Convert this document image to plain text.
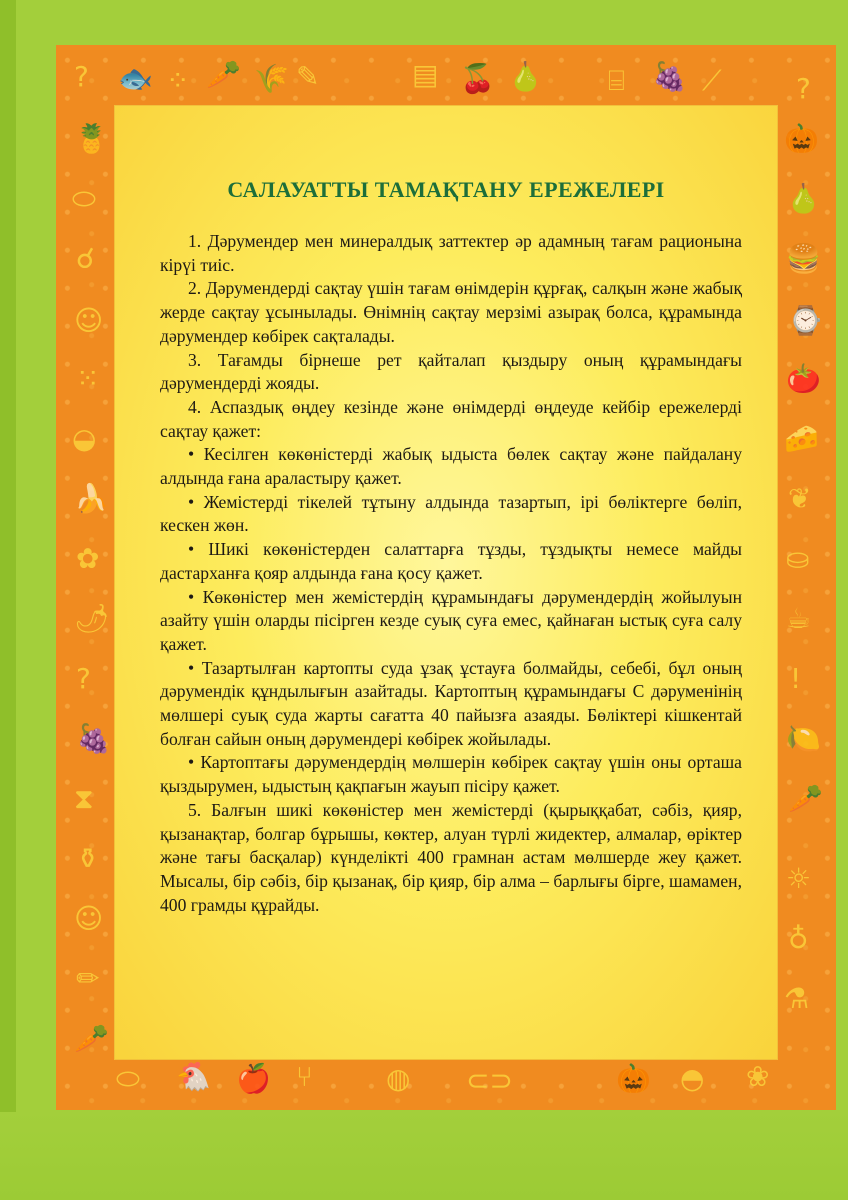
? 🐟 ⁘ 🥕 🌾 ✎	▤ 🍒 🍐 ⌸ 🍇 ⟋	?
🍍
⬭
☌
☺
⁙
◒
🍌
✿
🌶
?
🍇
⧗
⚱
☺
✏
🥕
🎃
🍐
🍔
⌚
🍅
🧀
❦
⛀
☕
!
🍋
🥕
☼
♁
⚗
⬭ 🐔 🍎 ⑂	◍ ⊂⊃	🎃 ◓ ❀
САЛАУАТТЫ ТАМАҚТАНУ ЕРЕЖЕЛЕРІ

1. Дәрумендер мен минералдық заттектер әр адамның тағам рационына кірүі тиіс.

2. Дәрумендерді сақтау үшін тағам өнімдерін құрғақ, салқын және жабық жерде сақтау ұсынылады. Өнімнің сақтау мерзімі азырақ болса, құрамында дәрумендер көбірек сақталады.

3. Тағамды бірнеше рет қайталап қыздыру оның құрамындағы дәрумендерді жояды.

4. Аспаздық өңдеу кезінде және өнімдерді өңдеуде кейбір ережелерді сақтау қажет:

• Кесілген көкөністерді жабық ыдыста бөлек сақтау және пайдалану алдында ғана араластыру қажет.

• Жемістерді тікелей тұтыну алдында тазартып, ірі бөліктерге бөліп, кескен жөн.

• Шикі көкөністерден салаттарға тұзды, тұздықты немесе майды дастарханға қояр алдында ғана қосу қажет.

• Көкөністер мен жемістердің құрамындағы дәрумендердің жойылуын азайту үшін оларды пісірген кезде суық суға емес, қайнаған ыстық суға салу қажет.

• Тазартылған картопты суда ұзақ ұстауға болмайды, себебі, бұл оның дәрумендік құндылығын азайтады. Картоптың құрамындағы С дәруменінің мөлшері суық суда жарты сағатта 40 пайызға азаяды. Бөліктері кішкентай болған сайын оның дәрумендері көбірек жойылады.

• Картоптағы дәрумендердің мөлшерін көбірек сақтау үшін оны орташа қыздырумен, ыдыстың қақпағын жауып пісіру қажет.

5. Балғын шикі көкөністер мен жемістерді (қырыққабат, сәбіз, қияр, қызанақтар, болгар бұрышы, көктер, алуан түрлі жидектер, алмалар, өріктер және тағы басқалар) күнделікті 400 грамнан астам мөлшерде жеу қажет. Мысалы, бір сәбіз, бір қызанақ, бір қияр, бір алма – барлығы бірге, шамамен, 400 грамды құрайды.
